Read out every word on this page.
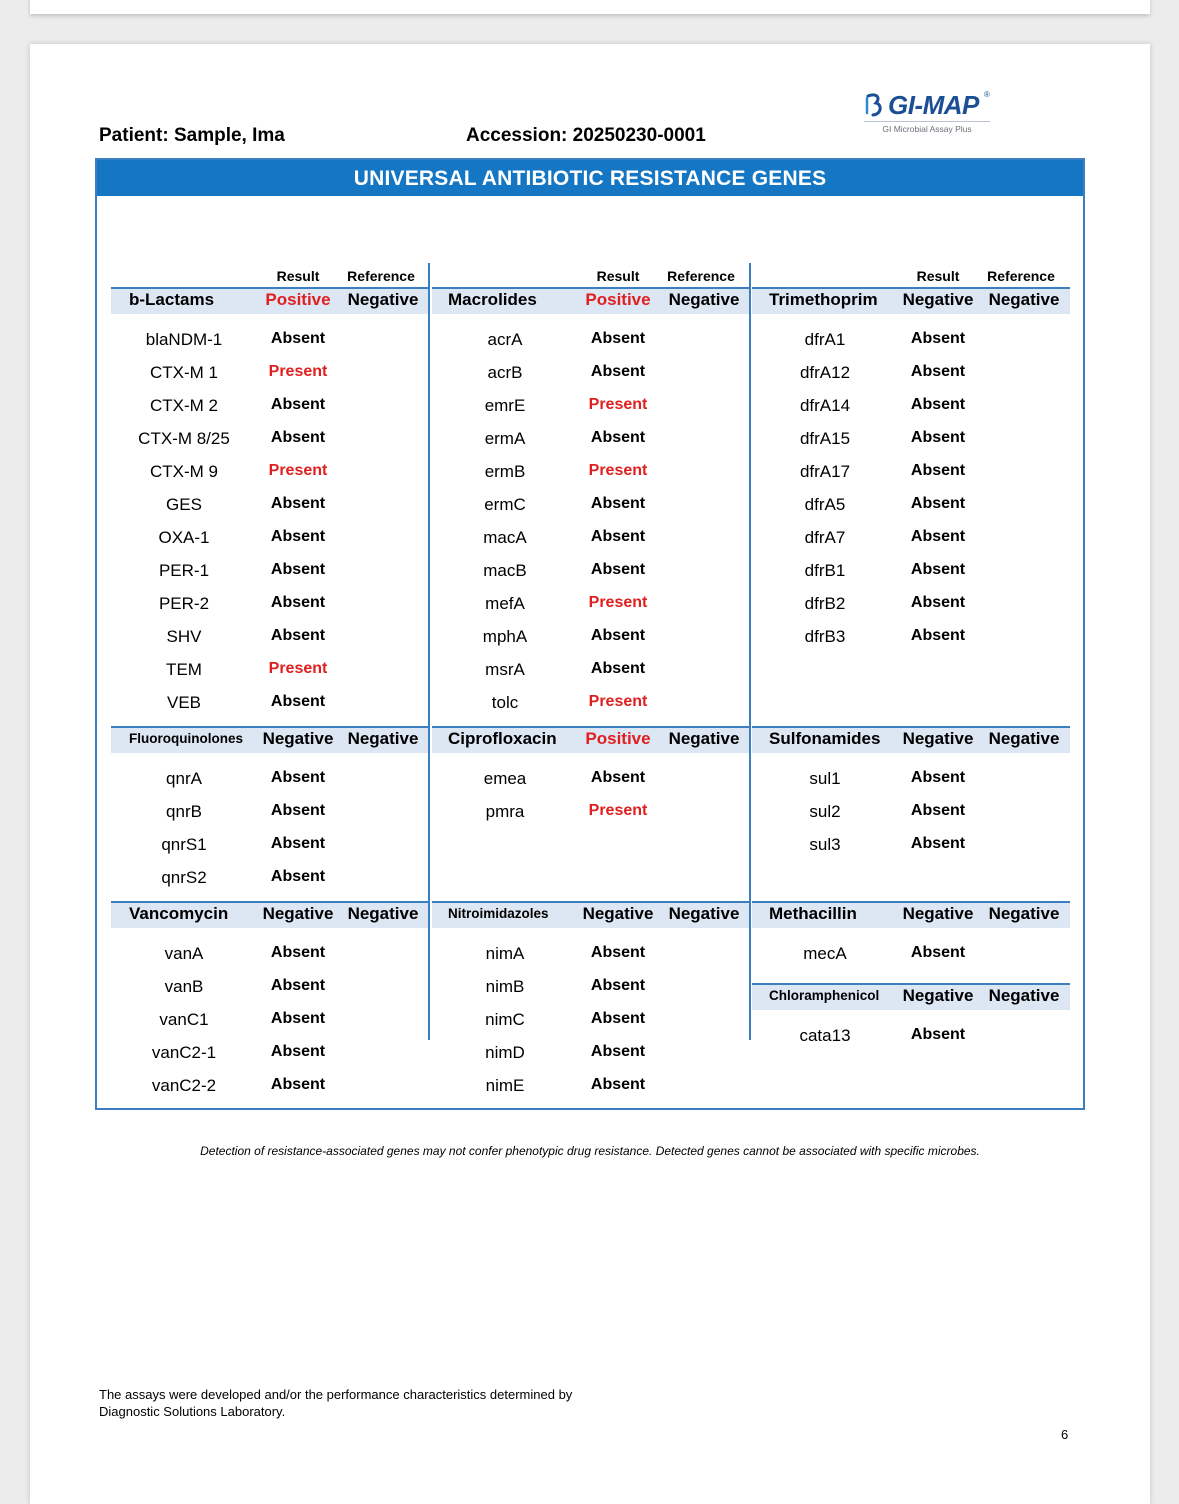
GI-MAP ®
GI Microbial Assay Plus
Patient: Sample, Ima	Accession: 20250230-0001
UNIVERSAL ANTIBIOTIC RESISTANCE GENES
Result Reference	Result Reference	Result Reference
b-Lactams	Positive Negative
blaNDM-1	Absent
CTX-M 1	Present
CTX-M 2	Absent
CTX-M 8/25	Absent
CTX-M 9	Present
GES	Absent
OXA-1	Absent
PER-1	Absent
PER-2	Absent
SHV	Absent
TEM	Present
VEB	Absent
Fluoroquinolones Negative Negative
qnrA	Absent
qnrB	Absent
qnrS1	Absent
qnrS2	Absent
Vancomycin Negative Negative
vanA	Absent
vanB	Absent
vanC1	Absent
vanC2-1	Absent
vanC2-2	Absent
Macrolides	Positive Negative
acrA	Absent
acrB	Absent
emrE	Present
ermA	Absent
ermB	Present
ermC	Absent
macA	Absent
macB	Absent
mefA	Present
mphA	Absent
msrA	Absent
tolc	Present
Ciprofloxacin Positive Negative
emea	Absent
pmra	Present
Nitroimidazoles Negative Negative
nimA	Absent
nimB	Absent
nimC	Absent
nimD	Absent
nimE	Absent
Trimethoprim Negative Negative
dfrA1	Absent
dfrA12	Absent
dfrA14	Absent
dfrA15	Absent
dfrA17	Absent
dfrA5	Absent
dfrA7	Absent
dfrB1	Absent
dfrB2	Absent
dfrB3	Absent
Sulfonamides Negative Negative
sul1	Absent
sul2	Absent
sul3	Absent
Methacillin	Negative Negative
mecA	Absent
Chloramphenicol Negative Negative
cata13	Absent
Detection of resistance-associated genes may not confer phenotypic drug resistance. Detected genes cannot be associated with specific microbes.
The assays were developed and/or the performance characteristics determined by Diagnostic Solutions Laboratory.
6
